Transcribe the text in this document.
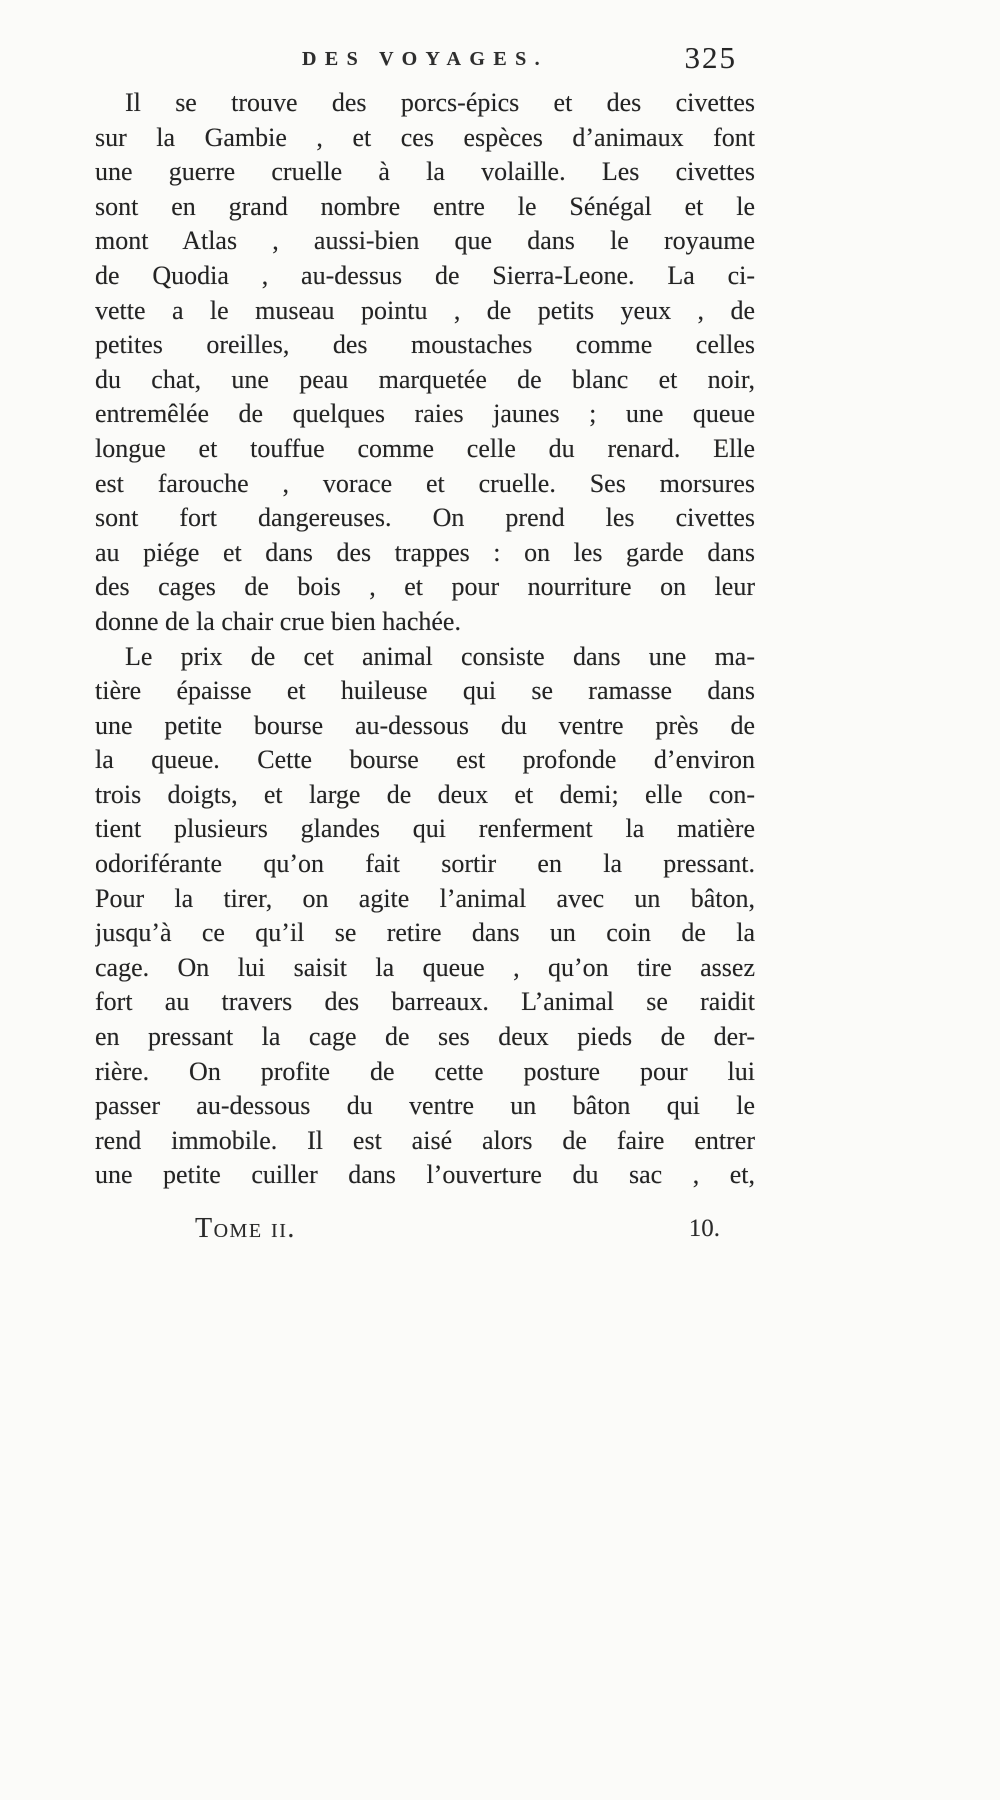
DES VOYAGES.	325
Il se trouve des porcs-épics et des civettes
sur la Gambie , et ces espèces d’animaux font
une guerre cruelle à la volaille. Les civettes
sont en grand nombre entre le Sénégal et le
mont Atlas , aussi-bien que dans le royaume
de Quodia , au-dessus de Sierra-Leone. La ci-
vette a le museau pointu , de petits yeux , de
petites oreilles, des moustaches comme celles
du chat, une peau marquetée de blanc et noir,
entremêlée de quelques raies jaunes ; une queue
longue et touffue comme celle du renard. Elle
est farouche , vorace et cruelle. Ses morsures
sont fort dangereuses. On prend les civettes
au piége et dans des trappes : on les garde dans
des cages de bois , et pour nourriture on leur
donne de la chair crue bien hachée.
Le prix de cet animal consiste dans une ma-
tière épaisse et huileuse qui se ramasse dans
une petite bourse au-dessous du ventre près de
la queue. Cette bourse est profonde d’environ
trois doigts, et large de deux et demi; elle con-
tient plusieurs glandes qui renferment la matière
odoriférante qu’on fait sortir en la pressant.
Pour la tirer, on agite l’animal avec un bâton,
jusqu’à ce qu’il se retire dans un coin de la
cage. On lui saisit la queue , qu’on tire assez
fort au travers des barreaux. L’animal se raidit
en pressant la cage de ses deux pieds de der-
rière. On profite de cette posture pour lui
passer au-dessous du ventre un bâton qui le
rend immobile. Il est aisé alors de faire entrer
une petite cuiller dans l’ouverture du sac , et,
Tome ii.	10.
